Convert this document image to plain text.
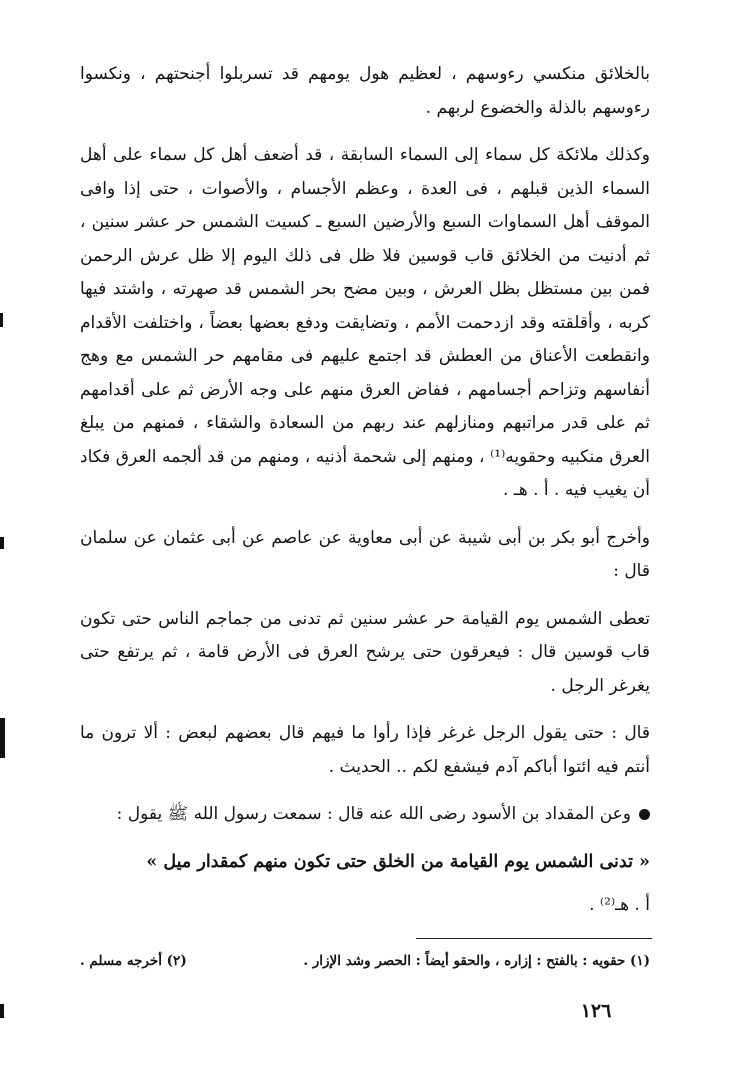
بالخلائق منكسي رءوسهم ، لعظيم هول يومهم قد تسربلوا أجنحتهم ، ونكسوا رءوسهم بالذلة والخضوع لربهم .

وكذلك ملائكة كل سماء إلى السماء السابقة ، قد أضعف أهل كل سماء على أهل السماء الذين قبلهم ، فى العدة ، وعظم الأجسام ، والأصوات ، حتى إذا وافى الموقف أهل السماوات السبع والأرضين السبع ـ كسيت الشمس حر عشر سنين ، ثم أدنيت من الخلائق قاب قوسين فلا ظل فى ذلك اليوم إلا ظل عرش الرحمن فمن بين مستظل بظل العرش ، وبين مضح بحر الشمس قد صهرته ، واشتد فيها كربه ، وأقلقته وقد ازدحمت الأمم ، وتضايقت ودفع بعضها بعضاً ، واختلفت الأقدام وانقطعت الأعناق من العطش قد اجتمع عليهم فى مقامهم حر الشمس مع وهج أنفاسهم وتزاحم أجسامهم ، ففاض العرق منهم على وجه الأرض ثم على أقدامهم ثم على قدر مراتبهم ومنازلهم عند ربهم من السعادة والشقاء ، فمنهم من يبلغ العرق منكبيه وحقويه⁽¹⁾ ، ومنهم إلى شحمة أذنيه ، ومنهم من قد ألجمه العرق فكاد أن يغيب فيه . أ . هـ .

وأخرج أبو بكر بن أبى شيبة عن أبى معاوية عن عاصم عن أبى عثمان عن سلمان قال :

تعطى الشمس يوم القيامة حر عشر سنين ثم تدنى من جماجم الناس حتى تكون قاب قوسين قال : فيعرقون حتى يرشح العرق فى الأرض قامة ، ثم يرتفع حتى يغرغر الرجل .

قال : حتى يقول الرجل غرغر فإذا رأوا ما فيهم قال بعضهم لبعض : ألا ترون ما أنتم فيه ائتوا أباكم آدم فيشفع لكم .. الحديث .

وعن المقداد بن الأسود رضى الله عنه قال : سمعت رسول الله ﷺ يقول :

« تدنى الشمس يوم القيامة من الخلق حتى تكون منهم كمقدار ميل »

أ . هـ⁽²⁾ .

(١) حقويه : بالفتح : إزاره ، والحقو أيضاً : الحصر وشد الإزار .
(٢) أخرجه مسلم .
١٢٦
